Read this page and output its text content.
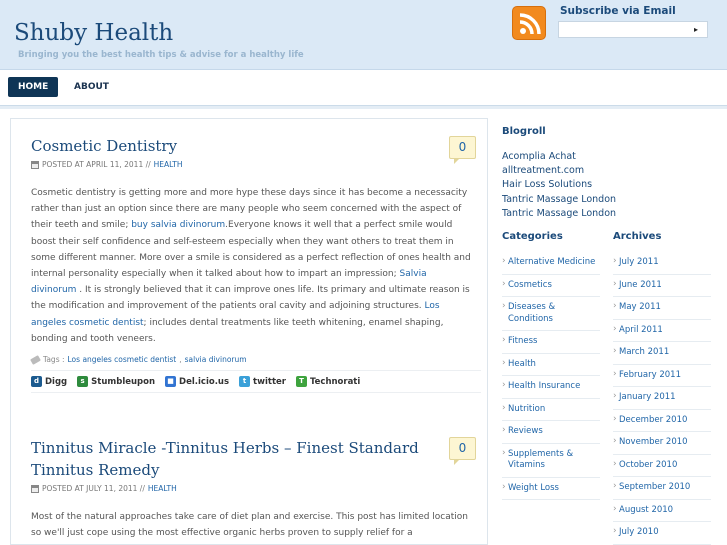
Shuby Health
Bringing you the best health tips & advise for a healthy life
Subscribe via Email
▸
HOME	ABOUT
Cosmetic Dentistry
POSTED AT APRIL 11, 2011 // HEALTH
Cosmetic dentistry is getting more and more hype these days since it has become a necessacity rather than just an option since there are many people who seem concerned with the aspect of their teeth and smile; buy salvia divinorum.Everyone knows it well that a perfect smile would boost their self confidence and self-esteem especially when they want others to treat them in some different manner. More over a smile is considered as a perfect reflection of ones health and internal personality especially when it talked about how to impart an impression; Salvia divinorum . It is strongly believed that it can improve ones life. Its primary and ultimate reason is the modification and improvement of the patients oral cavity and adjoining structures. Los angeles cosmetic dentist; includes dental treatments like teeth whitening, enamel shaping, bonding and tooth veneers.
Tags : Los angeles cosmetic dentist , salvia divinorum
d Digg	s Stumbleupon	■ Del.icio.us	t twitter	T Technorati
0
Tinnitus Miracle -Tinnitus Herbs – Finest Standard Tinnitus Remedy
POSTED AT JULY 11, 2011 // HEALTH
Most of the natural approaches take care of diet plan and exercise. This post has limited location so we'll just cope using the most effective organic herbs proven to supply relief for a
0
Blogroll
Acomplia Achat
alltreatment.com
Hair Loss Solutions
Tantric Massage London
Tantric Massage London
Categories
› Alternative Medicine
› Cosmetics
› Diseases & Conditions
› Fitness
› Health
› Health Insurance
› Nutrition
› Reviews
› Supplements & Vitamins
› Weight Loss
Archives
› July 2011
› June 2011
› May 2011
› April 2011
› March 2011
› February 2011
› January 2011
› December 2010
› November 2010
› October 2010
› September 2010
› August 2010
› July 2010
